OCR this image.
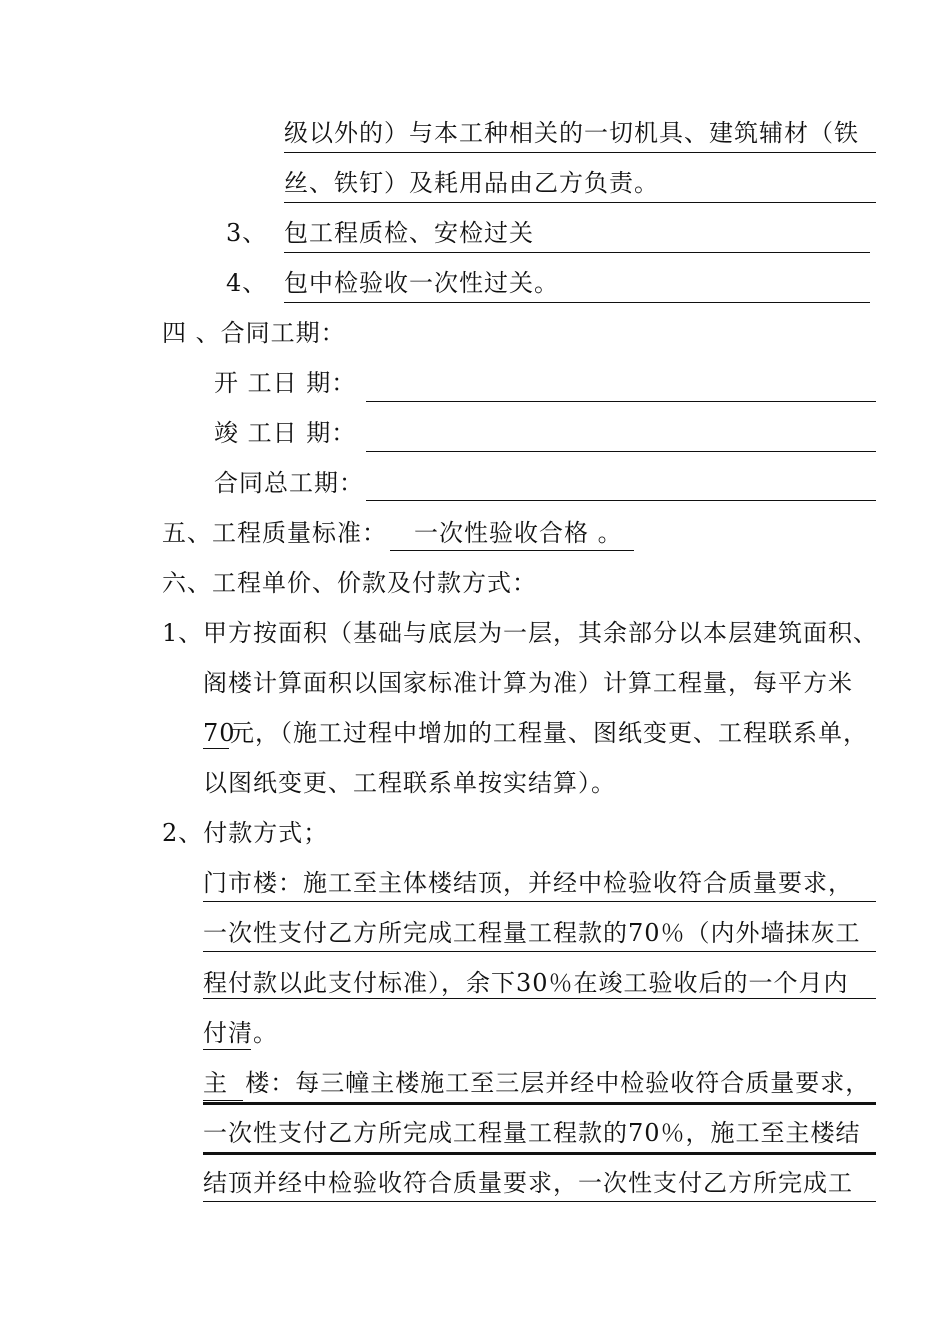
级以外的）与本工种相关的一切机具、建筑辅材（铁
丝、铁钉）及耗用品由乙方负责。
3、 包工程质检、安检过关
4、 包中检验收一次性过关。
四 、合同工期：
开 工日 期：
竣 工日 期：
合同总工期：
五、工程质量标准： 一次性验收合格 。
六、工程单价、价款及付款方式：
1、 甲方按面积（基础与底层为一层，其余部分以本层建筑面积、
阁楼计算面积以国家标准计算为准）计算工程量，每平方米
70
元，（施工过程中增加的工程量、图纸变更、工程联系单，
以图纸变更、工程联系单按实结算）。
2、付款方式；
门市楼：施工至主体楼结顶，并经中检验收符合质量要求，
一次性支付乙方所完成工程量工程款的70％（内外墙抹灰工
程付款以此支付标准），余下30％在竣工验收后的一个月内
付清。
主  楼：每三幢主楼施工至三层并经中检验收符合质量要求，
一次性支付乙方所完成工程量工程款的70％，施工至主楼结
结顶并经中检验收符合质量要求，一次性支付乙方所完成工
